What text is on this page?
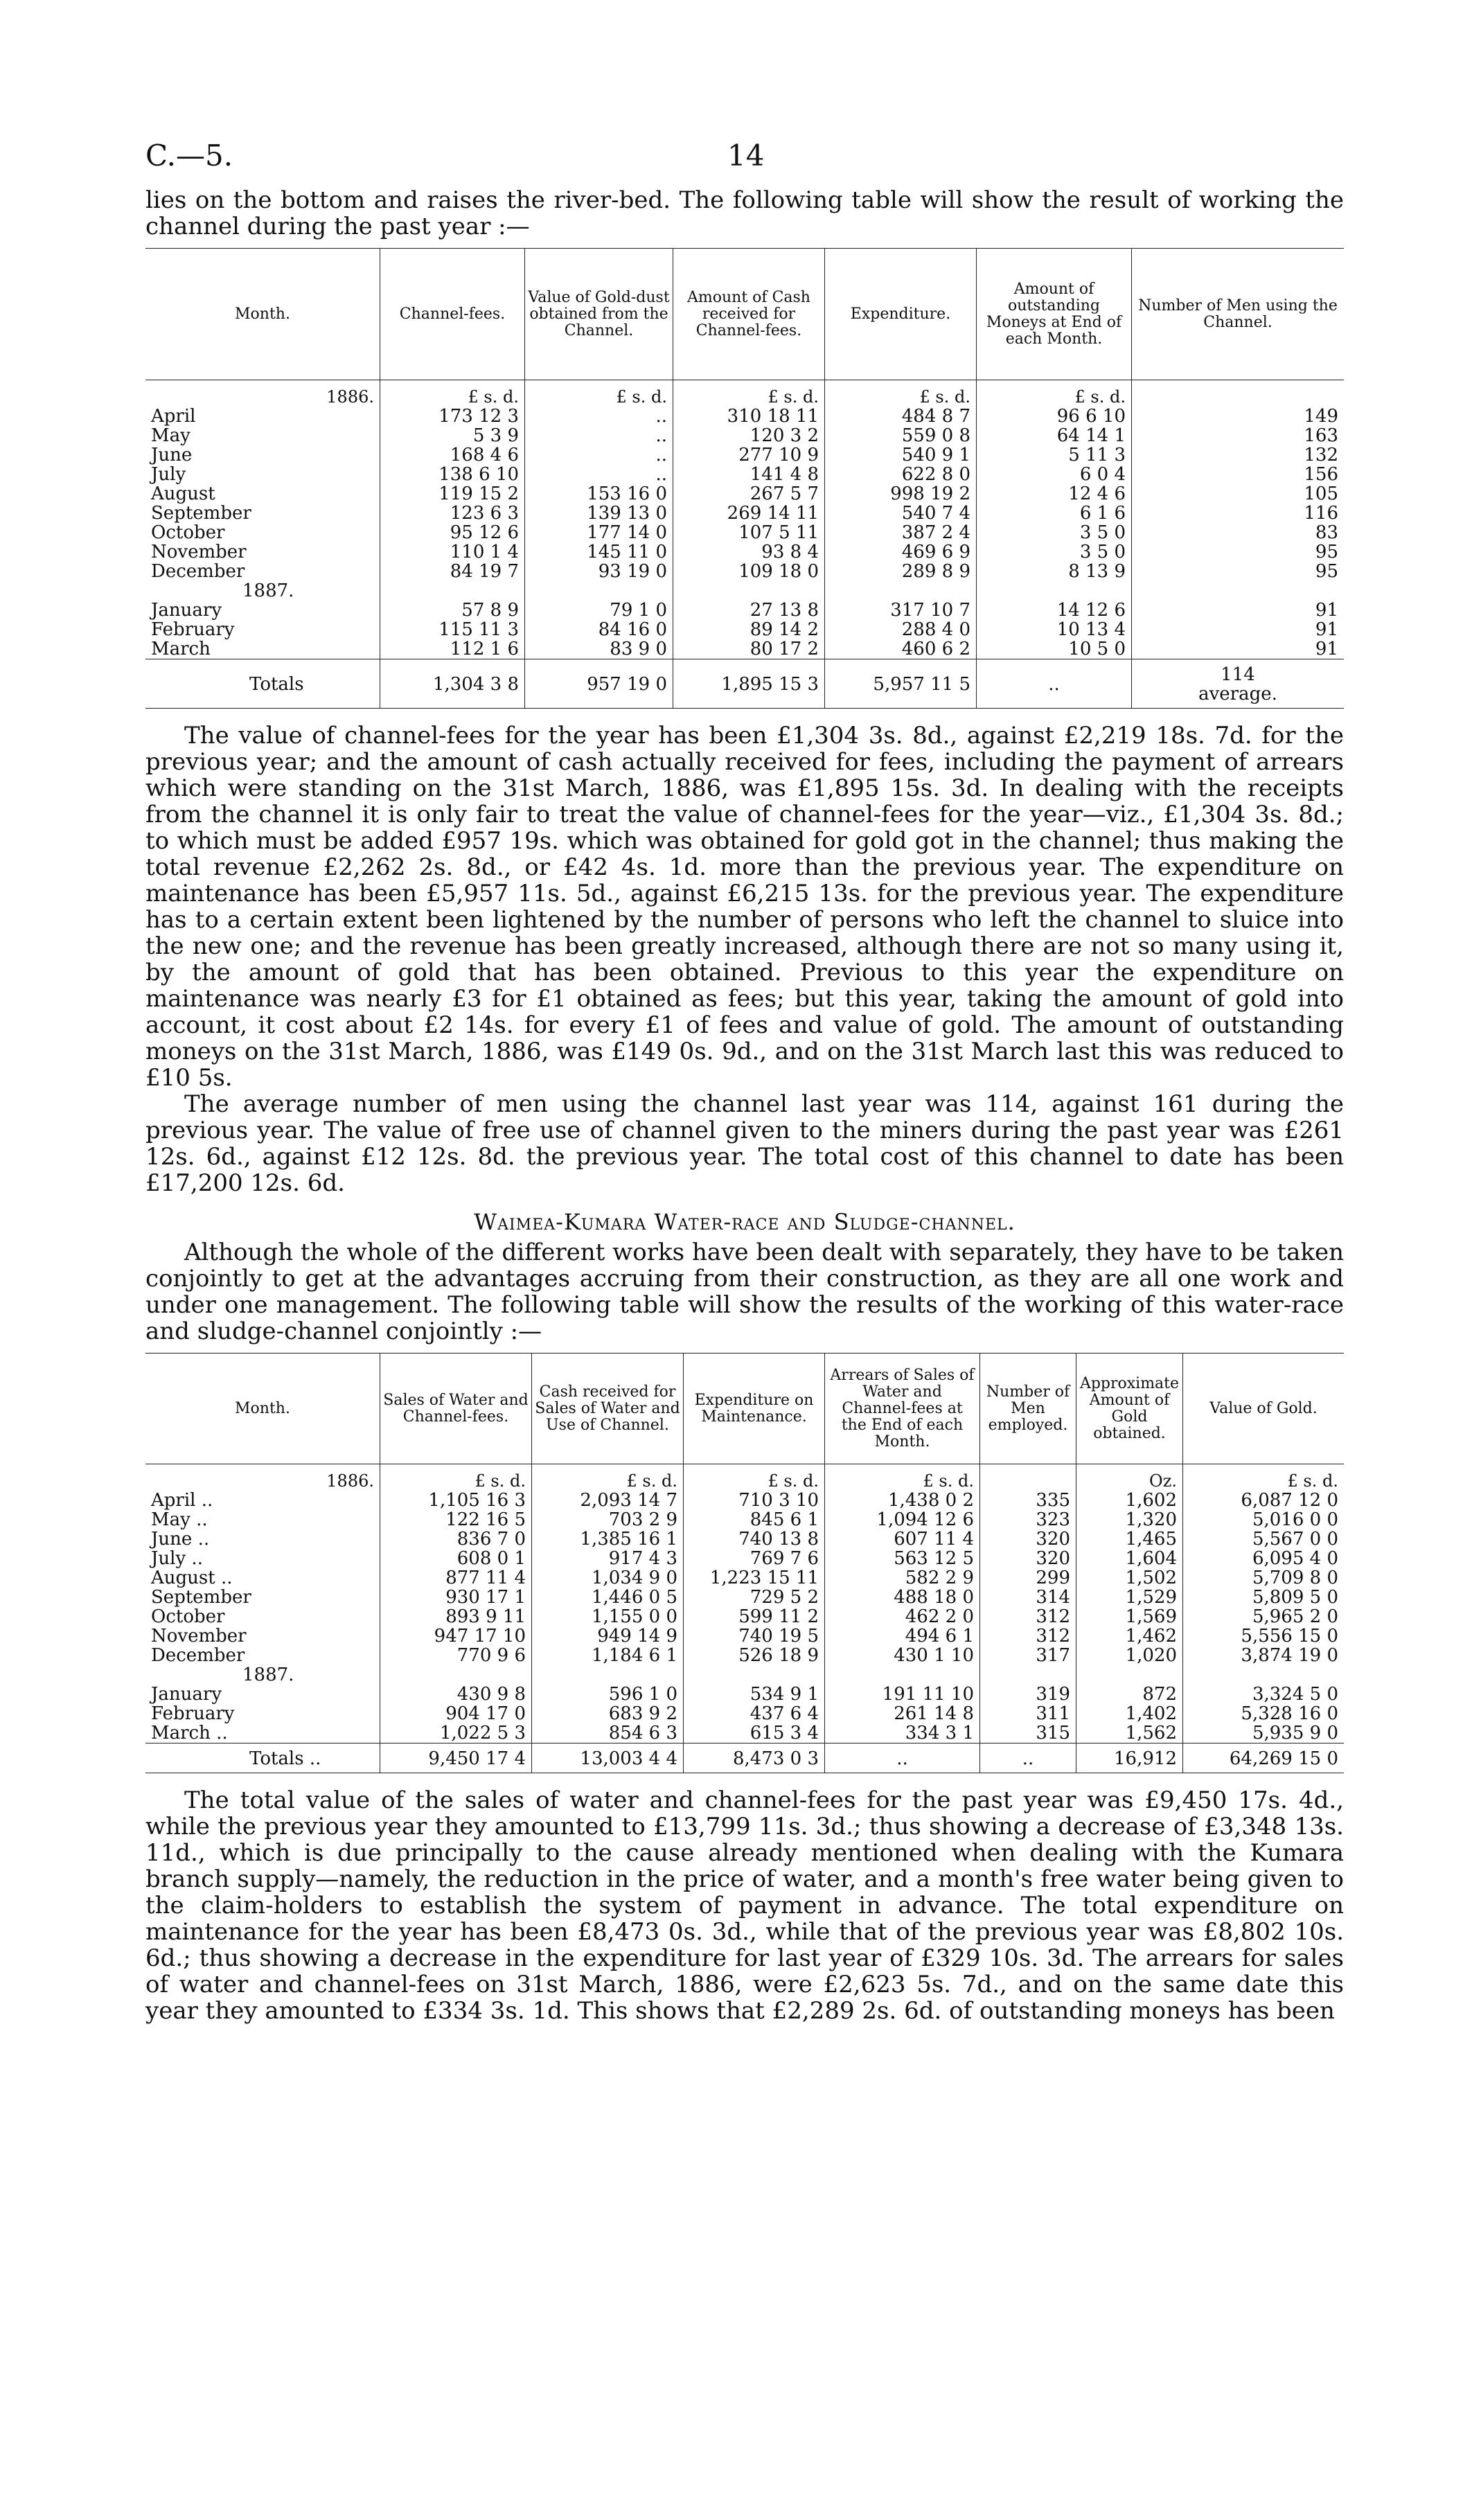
C.—5.	14

lies on the bottom and raises the river-bed. The following table will show the result of working the channel during the past year :—

Month.	Channel-fees.	Value of Gold-dust obtained from the Channel.	Amount of Cash received for Channel-fees.	Expenditure.	Amount of outstanding Moneys at End of each Month.	Number of Men using the Channel.
1886.	£ s. d.	£ s. d.	£ s. d.	£ s. d.	£ s. d.	
April	173 12 3	..	310 18 11	484 8 7	96 6 10	149
May	5 3 9	..	120 3 2	559 0 8	64 14 1	163
June	168 4 6	..	277 10 9	540 9 1	5 11 3	132
July	138 6 10	..	141 4 8	622 8 0	6 0 4	156
August	119 15 2	153 16 0	267 5 7	998 19 2	12 4 6	105
September	123 6 3	139 13 0	269 14 11	540 7 4	6 1 6	116
October	95 12 6	177 14 0	107 5 11	387 2 4	3 5 0	83
November	110 1 4	145 11 0	93 8 4	469 6 9	3 5 0	95
December	84 19 7	93 19 0	109 18 0	289 8 9	8 13 9	95
1887.						
January	57 8 9	79 1 0	27 13 8	317 10 7	14 12 6	91
February	115 11 3	84 16 0	89 14 2	288 4 0	10 13 4	91
March	112 1 6	83 9 0	80 17 2	460 6 2	10 5 0	91
Totals	1,304 3 8	957 19 0	1,895 15 3	5,957 11 5	..	114
average.

The value of channel-fees for the year has been £1,304 3s. 8d., against £2,219 18s. 7d. for the previous year; and the amount of cash actually received for fees, including the payment of arrears which were standing on the 31st March, 1886, was £1,895 15s. 3d. In dealing with the receipts from the channel it is only fair to treat the value of channel-fees for the year—viz., £1,304 3s. 8d.; to which must be added £957 19s. which was obtained for gold got in the channel; thus making the total revenue £2,262 2s. 8d., or £42 4s. 1d. more than the previous year. The expenditure on maintenance has been £5,957 11s. 5d., against £6,215 13s. for the previous year. The expenditure has to a certain extent been lightened by the number of persons who left the channel to sluice into the new one; and the revenue has been greatly increased, although there are not so many using it, by the amount of gold that has been obtained. Previous to this year the expenditure on maintenance was nearly £3 for £1 obtained as fees; but this year, taking the amount of gold into account, it cost about £2 14s. for every £1 of fees and value of gold. The amount of outstanding moneys on the 31st March, 1886, was £149 0s. 9d., and on the 31st March last this was reduced to £10 5s.

The average number of men using the channel last year was 114, against 161 during the previous year. The value of free use of channel given to the miners during the past year was £261 12s. 6d., against £12 12s. 8d. the previous year. The total cost of this channel to date has been £17,200 12s. 6d.

Waimea-Kumara Water-race and Sludge-channel.

Although the whole of the different works have been dealt with separately, they have to be taken conjointly to get at the advantages accruing from their construction, as they are all one work and under one management. The following table will show the results of the working of this water-race and sludge-channel conjointly :—

Month.	Sales of Water and Channel-fees.	Cash received for Sales of Water and Use of Channel.	Expenditure on Maintenance.	Arrears of Sales of Water and Channel-fees at the End of each Month.	Number of Men employed.	Approximate Amount of Gold obtained.	Value of Gold.
1886.	£ s. d.	£ s. d.	£ s. d.	£ s. d.		Oz.	£ s. d.
April ..	1,105 16 3	2,093 14 7	710 3 10	1,438 0 2	335	1,602	6,087 12 0
May ..	122 16 5	703 2 9	845 6 1	1,094 12 6	323	1,320	5,016 0 0
June ..	836 7 0	1,385 16 1	740 13 8	607 11 4	320	1,465	5,567 0 0
July ..	608 0 1	917 4 3	769 7 6	563 12 5	320	1,604	6,095 4 0
August ..	877 11 4	1,034 9 0	1,223 15 11	582 2 9	299	1,502	5,709 8 0
September	930 17 1	1,446 0 5	729 5 2	488 18 0	314	1,529	5,809 5 0
October	893 9 11	1,155 0 0	599 11 2	462 2 0	312	1,569	5,965 2 0
November	947 17 10	949 14 9	740 19 5	494 6 1	312	1,462	5,556 15 0
December	770 9 6	1,184 6 1	526 18 9	430 1 10	317	1,020	3,874 19 0
1887.							
January	430 9 8	596 1 0	534 9 1	191 11 10	319	872	3,324 5 0
February	904 17 0	683 9 2	437 6 4	261 14 8	311	1,402	5,328 16 0
March ..	1,022 5 3	854 6 3	615 3 4	334 3 1	315	1,562	5,935 9 0
Totals ..	9,450 17 4	13,003 4 4	8,473 0 3	..	..	16,912	64,269 15 0

The total value of the sales of water and channel-fees for the past year was £9,450 17s. 4d., while the previous year they amounted to £13,799 11s. 3d.; thus showing a decrease of £3,348 13s. 11d., which is due principally to the cause already mentioned when dealing with the Kumara branch supply—namely, the reduction in the price of water, and a month's free water being given to the claim-holders to establish the system of payment in advance. The total expenditure on maintenance for the year has been £8,473 0s. 3d., while that of the previous year was £8,802 10s. 6d.; thus showing a decrease in the expenditure for last year of £329 10s. 3d. The arrears for sales of water and channel-fees on 31st March, 1886, were £2,623 5s. 7d., and on the same date this year they amounted to £334 3s. 1d. This shows that £2,289 2s. 6d. of outstanding moneys has been
